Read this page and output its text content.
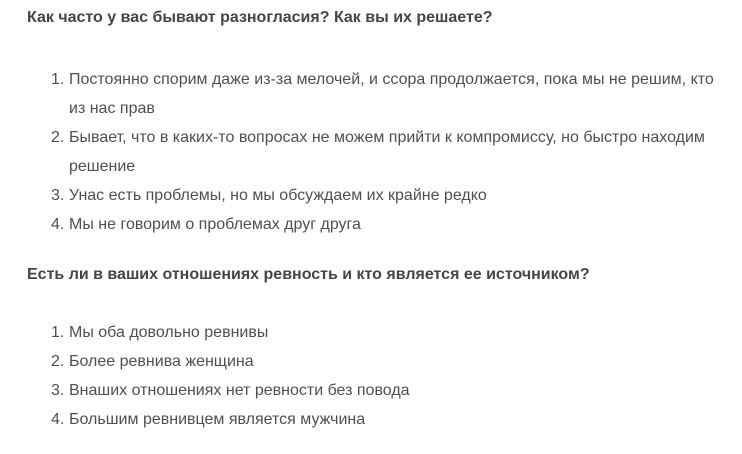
Как часто у вас бывают разногласия? Как вы их решаете?

1. Постоянно спорим даже из-за мелочей, и ссора продолжается, пока мы не решим, кто из нас прав
2. Бывает, что в каких-то вопросах не можем прийти к компромиссу, но быстро находим решение
3. Унас есть проблемы, но мы обсуждаем их крайне редко
4. Мы не говорим о проблемах друг друга

Есть ли в ваших отношениях ревность и кто является ее источником?

1. Мы оба довольно ревнивы
2. Более ревнива женщина
3. Внаших отношениях нет ревности без повода
4. Большим ревнивцем является мужчина
